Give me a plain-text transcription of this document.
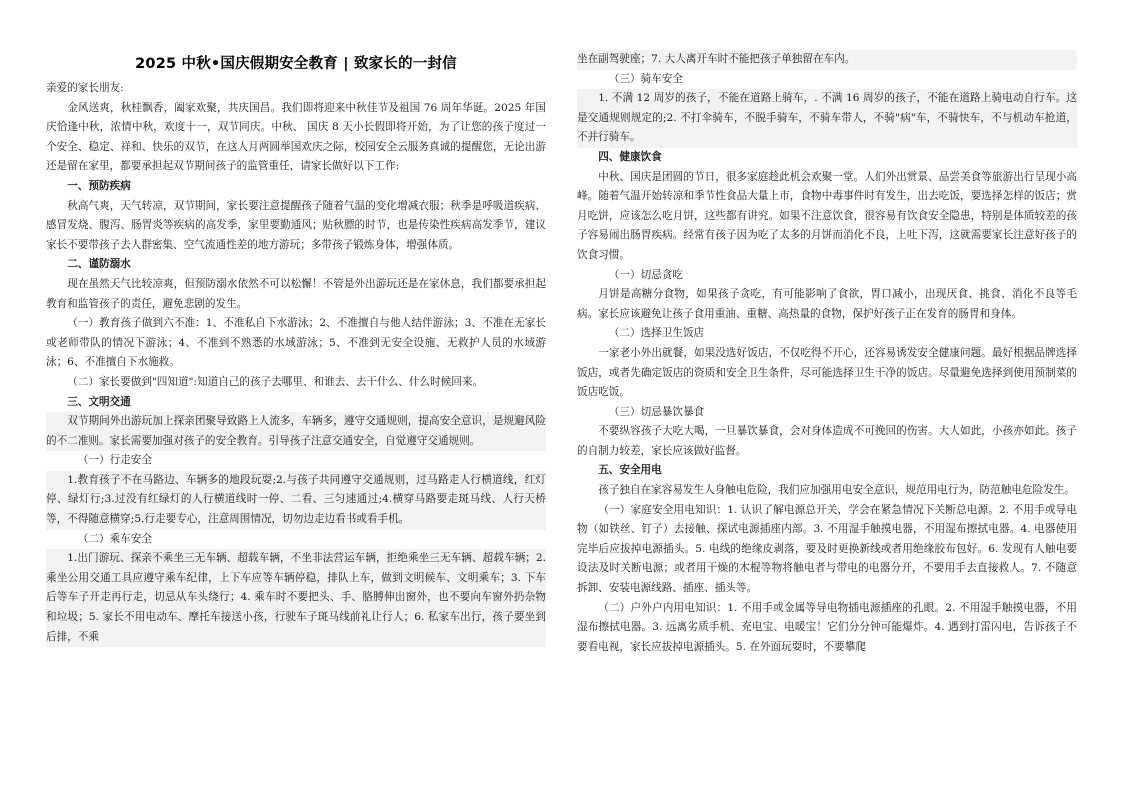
2025 中秋•国庆假期安全教育 | 致家长的一封信

亲爱的家长朋友:

金风送爽，秋桂飘香，阖家欢聚，共庆国昌。我们即将迎来中秋佳节及祖国 76 周年华诞。2025 年国庆恰逢中秋，浓情中秋，欢度十一，双节同庆。中秋、 国庆 8 天小长假即将开始，为了让您的孩子度过一个安全、稳定、祥和、快乐的双节，在这人月两圆举国欢庆之际，校园安全云服务真诚的提醒您，无论出游还是留在家里，都要承担起双节期间孩子的监管重任，请家长做好以下工作:

一、预防疾病

秋高气爽，天气转凉，双节期间，家长要注意提醒孩子随着气温的变化增减衣服；秋季是呼吸道疾病、感冒发烧、腹泻、肠胃炎等疾病的高发季，家里要勤通风；贴秋膘的时节，也是传染性疾病高发季节，建议家长不要带孩子去人群密集、空气流通性差的地方游玩；多带孩子锻炼身体，增强体质。

二、谨防溺水

现在虽然天气比较凉爽，但预防溺水依然不可以松懈！不管是外出游玩还是在家休息，我们都要承担起教育和监管孩子的责任，避免悲剧的发生。

（一）教育孩子做到六不准：1、不准私自下水游泳；2、不准擅自与他人结伴游泳；3、不准在无家长或老师带队的情况下游泳；4、不准到不熟悉的水域游泳；5、不准到无安全设施、无救护人员的水域游泳；6、不准擅自下水施救。

（二）家长要做到"四知道":知道自己的孩子去哪里、和谁去、去干什么、什么时候回来。

三、文明交通

双节期间外出游玩加上探亲团聚导致路上人流多，车辆多，遵守交通规则，提高安全意识，是规避风险的不二准则。家长需要加强对孩子的安全教育。引导孩子注意交通安全，自觉遵守交通规则。

（一）行走安全

1.教育孩子不在马路边、车辆多的地段玩耍;2.与孩子共同遵守交通规则，过马路走人行横道线，红灯停、绿灯行;3.过没有红绿灯的人行横道线时一停、二看、三匀速通过;4.横穿马路要走斑马线、人行天桥等，不得随意横穿;5.行走要专心，注意周围情况，切勿边走边看书或看手机。

（二）乘车安全

1.出门游玩、探亲不乘坐三无车辆、超载车辆，不坐非法营运车辆，拒绝乘坐三无车辆、超载车辆；2. 乘坐公用交通工具应遵守乘车纪律，上下车应等车辆停稳，排队上车，做到文明候车、文明乘车；3. 下车后等车子开走再行走，切忌从车头绕行；4. 乘车时不要把头、手、胳膊伸出窗外，也不要向车窗外扔杂物和垃圾；5. 家长不用电动车、摩托车接送小孩，行驶车子斑马线前礼让行人；6. 私家车出行，孩子要坐到后排，不乘

坐在副驾驶座；7. 大人离开车时不能把孩子单独留在车内。

（三）骑车安全

1. 不满 12 周岁的孩子，不能在道路上骑车，. 不满 16 周岁的孩子，不能在道路上骑电动自行车。这是交通规则规定的;2. 不打伞骑车，不脱手骑车，不骑车带人，不骑"病"车，不骑快车，不与机动车抢道，不并行骑车。

四、健康饮食

中秋、国庆是团圆的节日，很多家庭趁此机会欢聚一堂。人们外出赏景、品尝美食等旅游出行呈现小高峰。随着气温开始转凉和季节性食品大量上市，食物中毒事件时有发生，出去吃饭，要选择怎样的饭店；赏月吃饼，应该怎么吃月饼，这些都有讲究。如果不注意饮食，很容易有饮食安全隐患，特别是体质较差的孩子容易闹出肠胃疾病。经常有孩子因为吃了太多的月饼而消化不良，上吐下泻，这就需要家长注意好孩子的饮食习惯。

（一）切忌贪吃

月饼是高糖分食物，如果孩子贪吃，有可能影响了食欲，胃口减小，出现厌食、挑食、消化不良等毛病。家长应该避免让孩子食用重油、重糖、高热量的食物，保护好孩子正在发育的肠胃和身体。

（二）选择卫生饭店

一家老小外出就餐，如果没选好饭店，不仅吃得不开心，还容易诱发安全健康问题。最好根据品牌选择饭店，或者先确定饭店的资质和安全卫生条件，尽可能选择卫生干净的饭店。尽量避免选择到使用预制菜的饭店吃饭。

（三）切忌暴饮暴食

不要纵容孩子大吃大喝，一旦暴饮暴食，会对身体造成不可挽回的伤害。大人如此，小孩亦如此。孩子的自制力较差，家长应该做好监督。

五、安全用电

孩子独自在家容易发生人身触电危险，我们应加强用电安全意识，规范用电行为，防范触电危险发生。

（一）家庭安全用电知识：1. 认识了解电源总开关，学会在紧急情况下关断总电源。2. 不用手或导电物（如铁丝、钉子）去接触、探试电源插座内部。3. 不用湿手触摸电器，不用湿布擦拭电器。4. 电器使用完毕后应拔掉电源插头。5. 电线的绝缘皮剥落，要及时更换新线或者用绝缘胶布包好。6. 发现有人触电要设法及时关断电源；或者用干燥的木棍等物将触电者与带电的电器分开，不要用手去直接救人。7. 不随意拆卸、安装电源线路、插座、插头等。

（二）户外户内用电知识：1. 不用手或金属等导电物插电源插座的孔眼。2. 不用湿手触摸电器，不用湿布擦拭电器。3. 远离劣质手机、充电宝、电暖宝！它们分分钟可能爆炸。4. 遇到打雷闪电，告诉孩子不要看电视，家长应拔掉电源插头。5. 在外面玩耍时，不要攀爬
